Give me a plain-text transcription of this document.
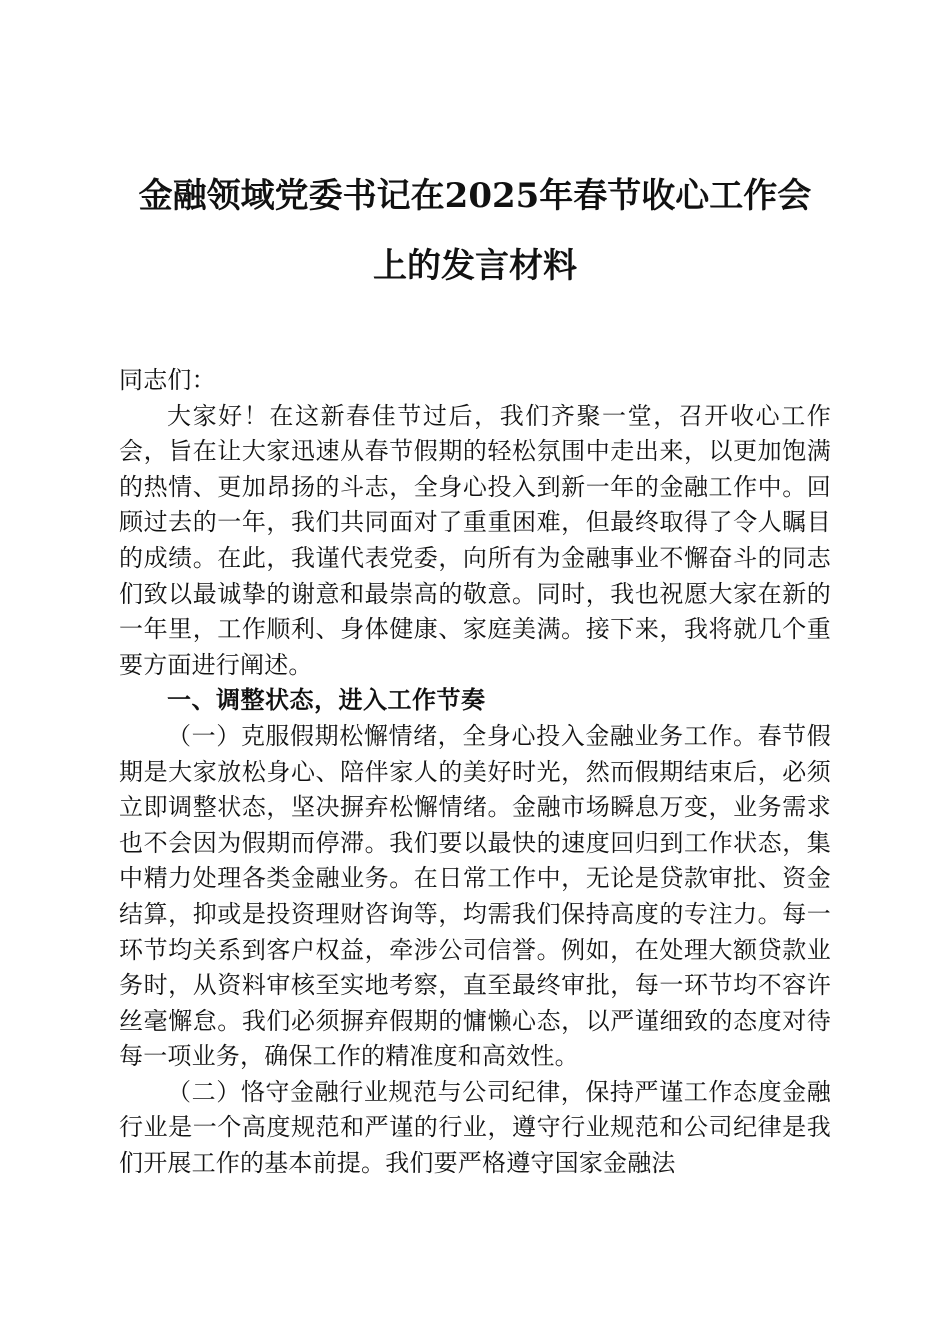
金融领域党委书记在2025年春节收心工作会
上的发言材料

同志们：

大家好！在这新春佳节过后，我们齐聚一堂，召开收心工作会，旨在让大家迅速从春节假期的轻松氛围中走出来，以更加饱满的热情、更加昂扬的斗志，全身心投入到新一年的金融工作中。回顾过去的一年，我们共同面对了重重困难，但最终取得了令人瞩目的成绩。在此，我谨代表党委，向所有为金融事业不懈奋斗的同志们致以最诚挚的谢意和最崇高的敬意。同时，我也祝愿大家在新的一年里，工作顺利、身体健康、家庭美满。接下来，我将就几个重要方面进行阐述。

一、调整状态，进入工作节奏

（一）克服假期松懈情绪，全身心投入金融业务工作。春节假期是大家放松身心、陪伴家人的美好时光，然而假期结束后，必须立即调整状态，坚决摒弃松懈情绪。金融市场瞬息万变，业务需求也不会因为假期而停滞。我们要以最快的速度回归到工作状态，集中精力处理各类金融业务。在日常工作中，无论是贷款审批、资金结算，抑或是投资理财咨询等，均需我们保持高度的专注力。每一环节均关系到客户权益，牵涉公司信誉。例如，在处理大额贷款业务时，从资料审核至实地考察，直至最终审批，每一环节均不容许丝毫懈怠。我们必须摒弃假期的慵懒心态，以严谨细致的态度对待每一项业务，确保工作的精准度和高效性。

（二）恪守金融行业规范与公司纪律，保持严谨工作态度金融行业是一个高度规范和严谨的行业，遵守行业规范和公司纪律是我们开展工作的基本前提。我们要严格遵守国家金融法
